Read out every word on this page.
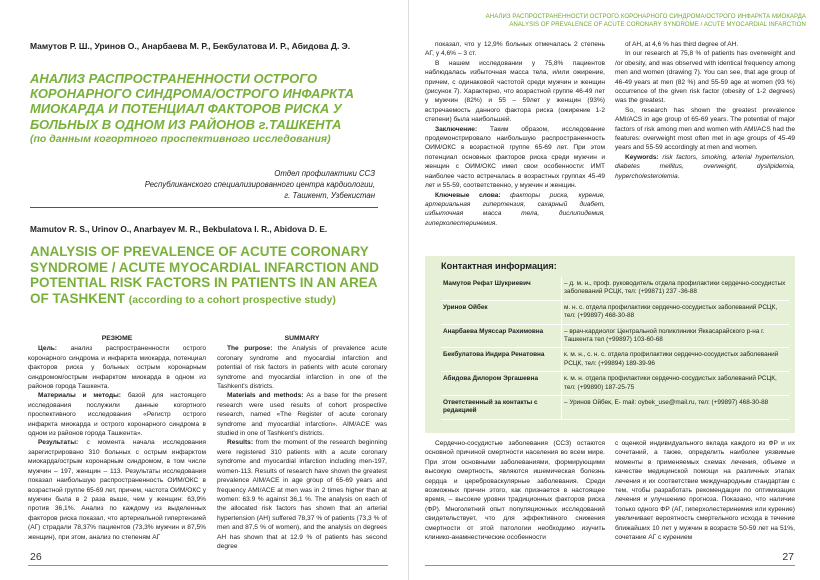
Мамутов Р. Ш., Уринов О., Анарбаева М. Р., Бекбулатова И. Р., Абидова Д. Э.
АНАЛИЗ РАСПРОСТРАНЕННОСТИ ОСТРОГО КОРОНАРНОГО СИНДРОМА/ОСТРОГО ИНФАРКТА МИОКАРДА И ПОТЕНЦИАЛ ФАКТОРОВ РИСКА У БОЛЬНЫХ В ОДНОМ ИЗ РАЙОНОВ г.ТАШКЕНТА
(по данным когортного проспективного исследования)
Отдел профилактики ССЗ
Республиканского специализированного центра кардиологии,
г. Ташкент, Узбекистан
Mamutov R. S., Urinov O., Anarbayev M. R., Bekbulatova I. R., Abidova D. E.
ANALYSIS OF PREVALENCE OF ACUTE CORONARY SYNDROME / ACUTE MYOCARDIAL INFARCTION AND POTENTIAL RISK FACTORS IN PATIENTS IN AN AREA OF TASHKENT (according to a cohort prospective study)
РЕЗЮМЕ

Цель: анализ распространенности острого коронарного синдрома и инфаркта миокарда, потенциал факторов риска у больных острым коронарным синдромом/острым инфарктом миокарда в одном из районов города Ташкента.

Материалы и методы: базой для настоящего исследования послужили данные когортного проспективного исследования «Регистр острого инфаркта миокарда и острого коронарного синдрома в одном из районов города Ташкента».

Результаты: с момента начала исследования зарегистрировано 310 больных с острым инфарктом миокарда/острым коронарным синдромом, в том числе мужчин – 197, женщин – 113. Результаты исследования показал наибольшую распространенность ОИМ/ОКС в возрастной группе 65-69 лет, причем, частота ОИМ/ОКС у мужчин была в 2 раза выше, чем у женщин: 63,9% против 36,1%. Анализ по каждому из выделенных факторов риска показал, что артериальной гипертензией (АГ) страдали 78,37% пациентов (73,3% мужчин и 87,5% женщин), при этом, анализ по степеням АГ

SUMMARY

The purpose: the Analysis of prevalence acute coronary syndrome and myocardial infarction and potential of risk factors in patients with acute coronary syndrome and myocardial infarction in one of the Tashkent's districts.

Materials and methods: As a base for the present research were used results of cohort prospective research, named «The Register of acute coronary syndrome and myocardial infarction». AIM/ACE was studied in one of Tashkent's districts.

Results: from the moment of the research beginning were registered 310 patients with a acute coronary syndrome and myocardial infarction including men-197, women-113. Results of research have shown the greatest prevalence AIM/ACE in age group of 65-69 years and frequency AMI/ACE at men was in 2 times higher than at women: 63.9 % against 36,1 %. The analysis on each of the allocated risk factors has shown that an arterial hypertension (AH) suffered 78,37 % of patients (73,3 % of men and 87,5 % of women), and the analysis on degrees AH has shown that at 12.9 % of patients has second degree

26
АНАЛИЗ РАСПРОСТРАНЕННОСТИ ОСТРОГО КОРОНАРНОГО СИНДРОМА/ОСТРОГО ИНФАРКТА МИОКАРДА
ANALYSIS OF PREVALENCE OF ACUTE CORONARY SYNDROME / ACUTE MYOCARDIAL INFARCTION

показал, что у 12,9% больных отмечалась 2 степень АГ, у 4,6% – 3 ст.

В нашем исследовании у 75,8% пациентов наблюдалась избыточная масса тела, и/или ожирение, причем, с одинаковой частотой среди мужчин и женщин (рисунок 7). Характерно, что возрастной группе 46-49 лет у мужчин (82%) и 55 – 59лет у женщин (93%) встречаемость данного фактора риска (ожирение 1-2 степени) была наибольшей.

Заключение: Таким образом, исследование продемонстрировало наибольшую распространенность ОИМ/ОКС в возрастной группе 65-69 лет. При этом потенциал основных факторов риска среди мужчин и женщин с ОИМ/ОКС имел свои особенности: ИМТ наиболее часто встречалась в возрастных группах 45-49 лет и 55-59, соответственно, у мужчин и женщин.

Ключевые слова: факторы риска, курение, артериальная гипертензия, сахарный диабет, избыточная масса тела, дислипидемия, гиперхолестеринемия.

of AH, at 4,6 % has third degree of AH.

In our research at 75,8 % of patients has overweight and /or obesity, and was observed with identical frequency among men and women (drawing 7). You can see, that age group of 46-49 years at men (82 %) and 55-59 age at women (93 %) occurrence of the given risk factor (obesity of 1-2 degrees) was the greatest.

So, research has shown the greatest prevalence AMI/ACS in age group of 65-69 years. The potential of major factors of risk among men and women with AMI/ACS had the features: overweight most often met in age groups of 45-49 years and 55-59 accordingly at men and women.

Keywords: risk factors, smoking, arterial hypertension, diabetes mellitus, overweight, dyslipidemia, hypercholesterolemia.

Контактная информация:
Мамутов Рефат Шукриевич	– д. м. н., проф. руководитель отдела профилактики сердечно-сосудистых заболеваний РСЦК, тел: (+99871) 237 -36-88
Уринов Ойбек	м. н. с. отдела профилактики сердечно-сосудистых заболеваний РСЦК, тел: (+99897) 468-30-88
Анарбаева Муяссар Рахимовна	– врач-кардиолог Центральной поликлиники Яккасарайского р-на г. Ташкента тел (+99897) 103-60-68
Бекбулатова Индира Ренатовна	к. м. н., с. н. с. отдела профилактики сердечно-сосудистых заболеваний РСЦК, тел: (+99894) 189-39-96
Абидова Дилором Эргашевна	к. м. н. отдела профилактики сердечно-сосудистых заболеваний РСЦК, тел: (+99890) 187-25-75
Ответственный за контакты с редакцией	– Уринов Ойбек, E- mail: oybek_use@mail.ru, тел: (+99897) 468-30-88

Сердечно-сосудистые заболевания (ССЗ) остаются основной причиной смертности населения во всем мире. При этом основными заболеваниями, формирующими высокую смертность, являются ишемическая болезнь сердца и цереброваскулярные заболевания. Среди возможных причин этого, как признается в настоящее время, – высокие уровни традиционных факторов риска (ФР). Многолетний опыт популяционных исследований свидетельствует, что для эффективного снижения смертности от этой патологии необходимо изучить клинико-анамнестические особенности

с оценкой индивидуального вклада каждого из ФР и их сочетаний, а также, определить наиболее уязвимые моменты в применяемых схемах лечения, объеме и качестве медицинской помощи на различных этапах лечения и их соответствие международным стандартам с тем, чтобы разработать рекомендации по оптимизации лечения и улучшению прогноза. Показано, что наличие только одного ФР (АГ, гиперхолестеринемия или курение) увеличивает вероятность смертельного исхода в течение ближайших 10 лет у мужчин в возрасте 50-59 лет на 51%, сочетание АГ с курением

27
